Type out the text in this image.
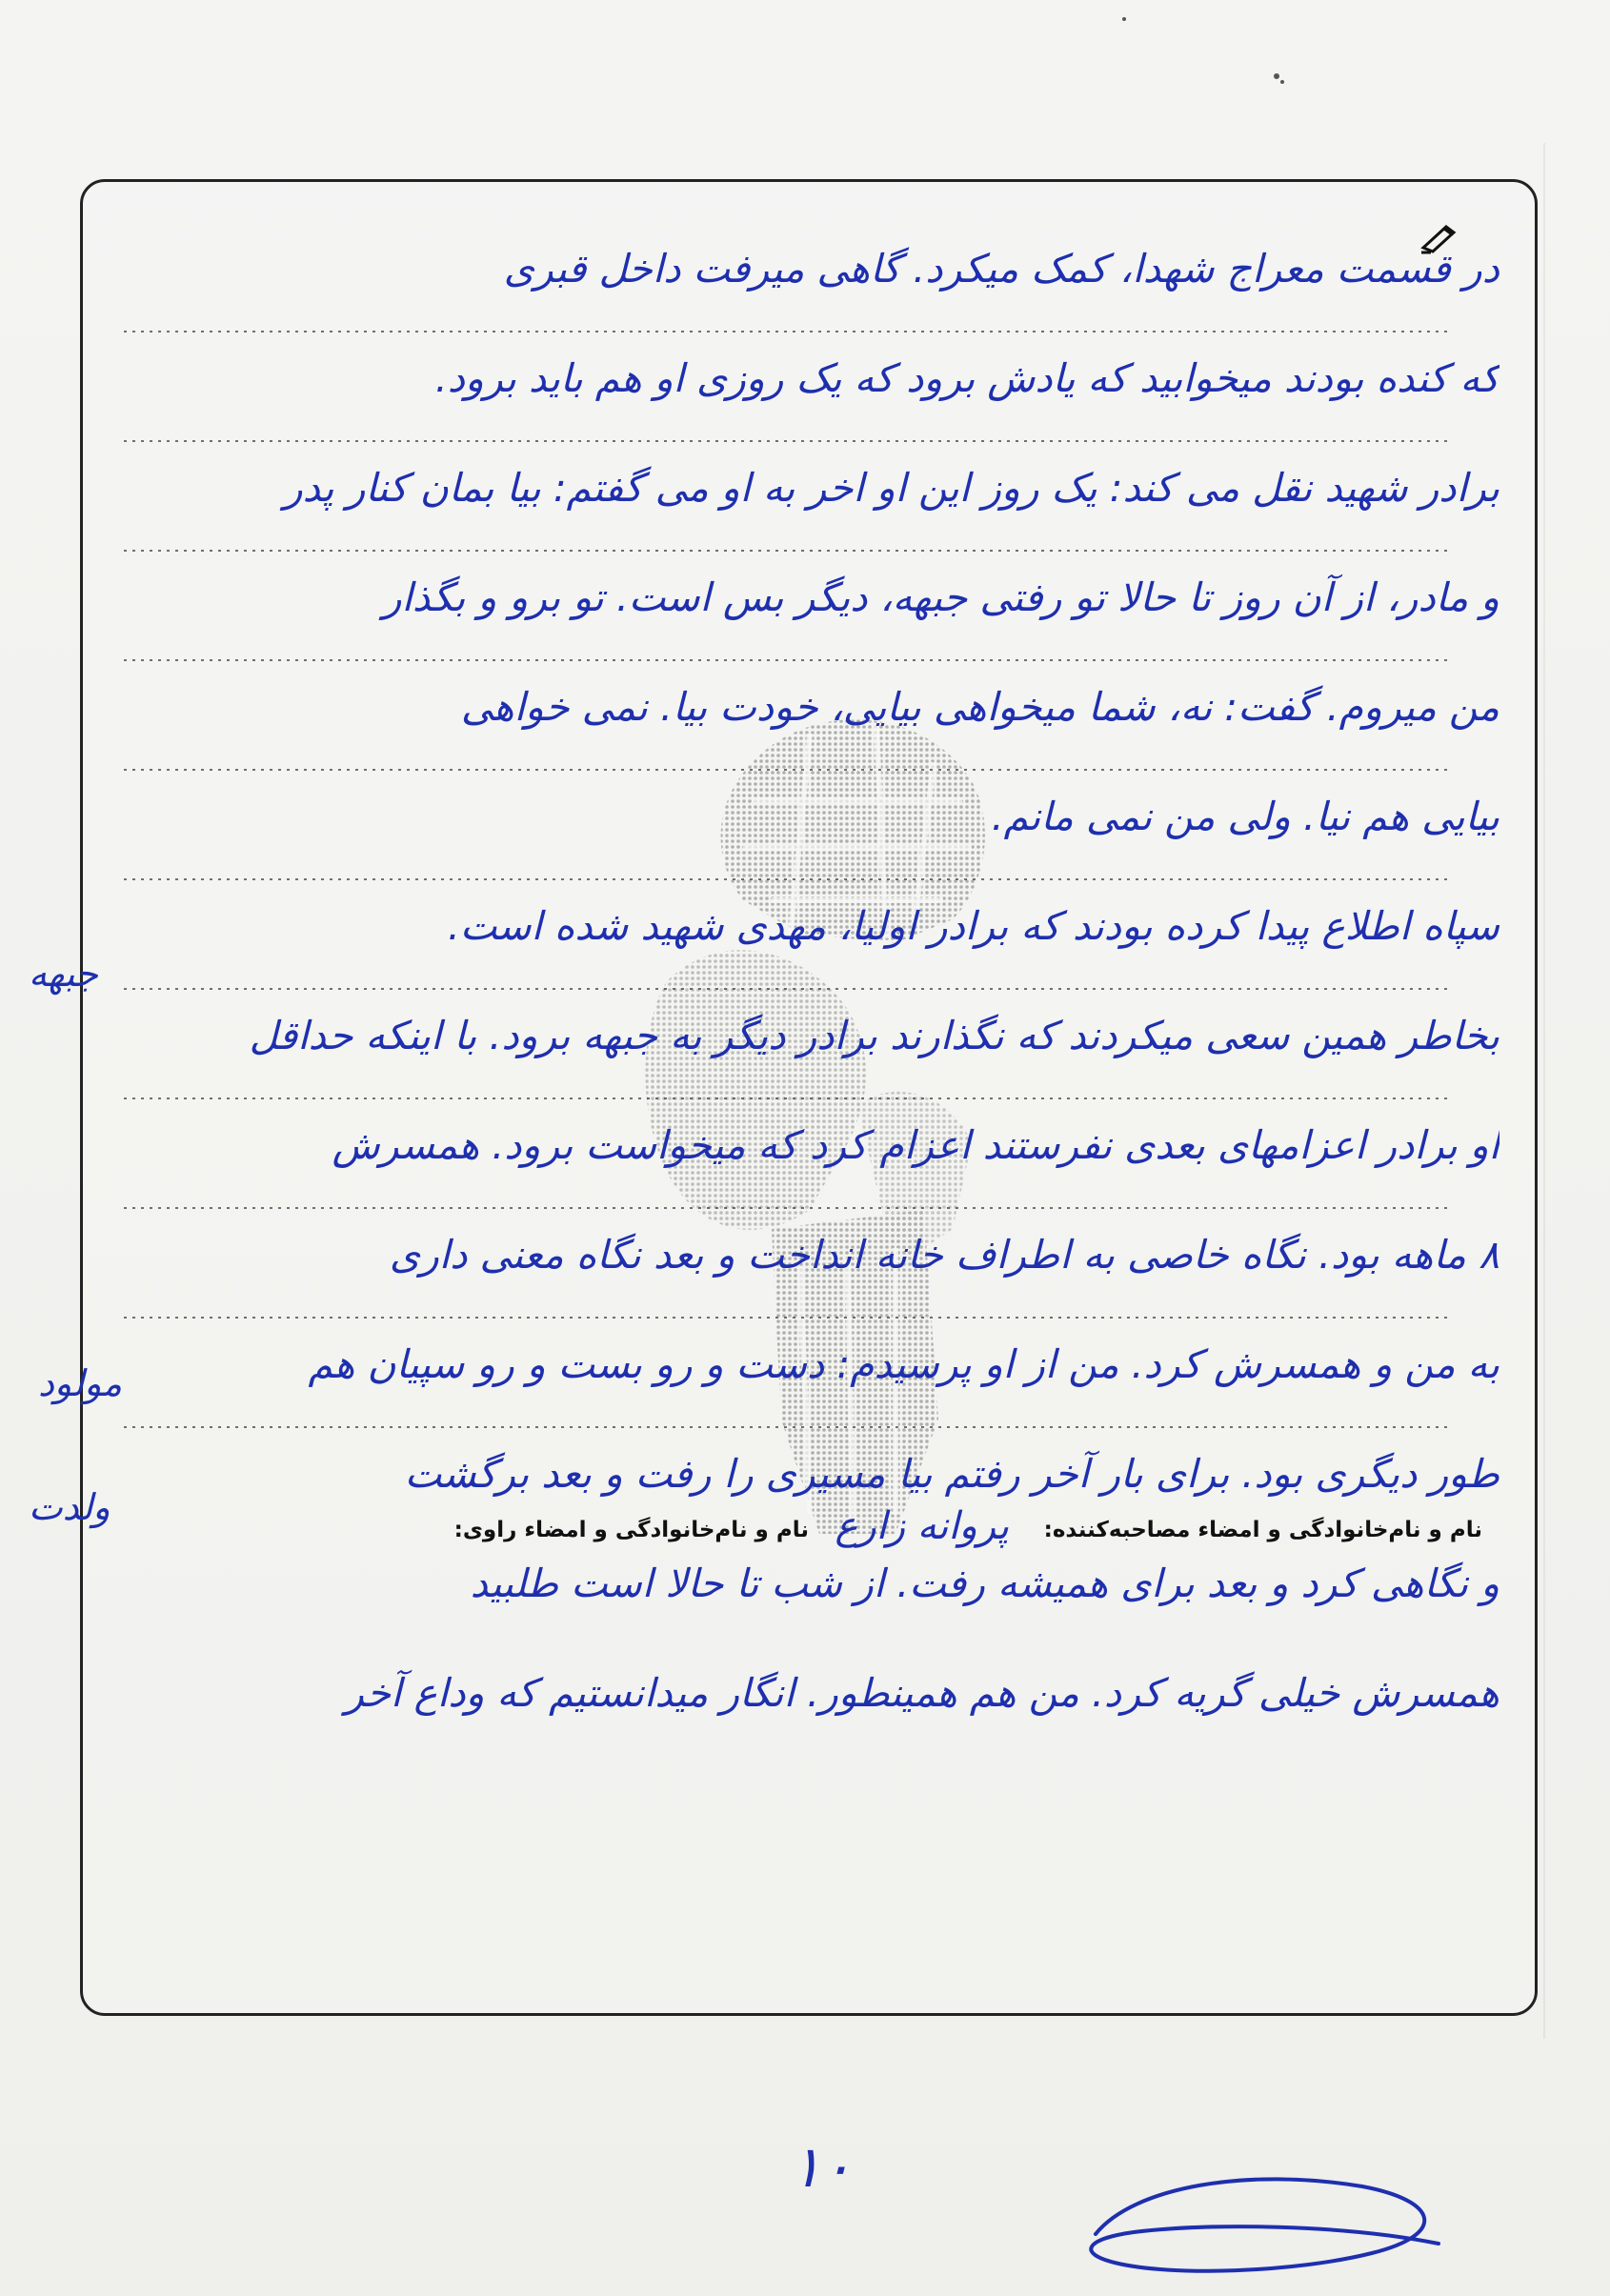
در قسمت معراج شهدا، کمک میکرد. گاهی میرفت داخل قبری
که کنده بودند میخوابید که یادش برود که یک روزی او هم باید برود.
برادر شهید نقل می کند: یک روز این او اخر به او می گفتم: بیا بمان کنار پدر
و مادر، از آن روز تا حالا تو رفتی جبهه، دیگر بس است. تو برو و بگذار
من میروم. گفت: نه، شما میخواهی بیایی، خودت بیا. نمی خواهی
بیایی هم نیا. ولی من نمی مانم.
سپاه اطلاع پیدا کرده بودند که برادر اولیا، مهدی شهید شده است.
بخاطر همین سعی میکردند که نگذارند برادر دیگر به جبهه برود. با اینکه حداقل
او برادر اعزامهای بعدی نفرستند اعزام کرد که میخواست برود. همسرش
۸ ماهه بود. نگاه خاصی به اطراف خانه انداخت و بعد نگاه معنی داری
به من و همسرش کرد. من از او پرسیدم: دست و رو بست و رو سپیان هم
طور دیگری بود. برای بار آخر رفتم بیا مسیری را رفت و بعد برگشت
و نگاهی کرد و بعد برای همیشه رفت. از شب تا حالا است طلبید
همسرش خیلی گریه کرد. من هم همینطور. انگار میدانستیم که وداع آخر
جبهه
مولود
ولدت
نام و نام‌خانوادگی و امضاء مصاحبه‌کننده:
پروانه زارع
نام و نام‌خانوادگی و امضاء راوی:
۱۰
